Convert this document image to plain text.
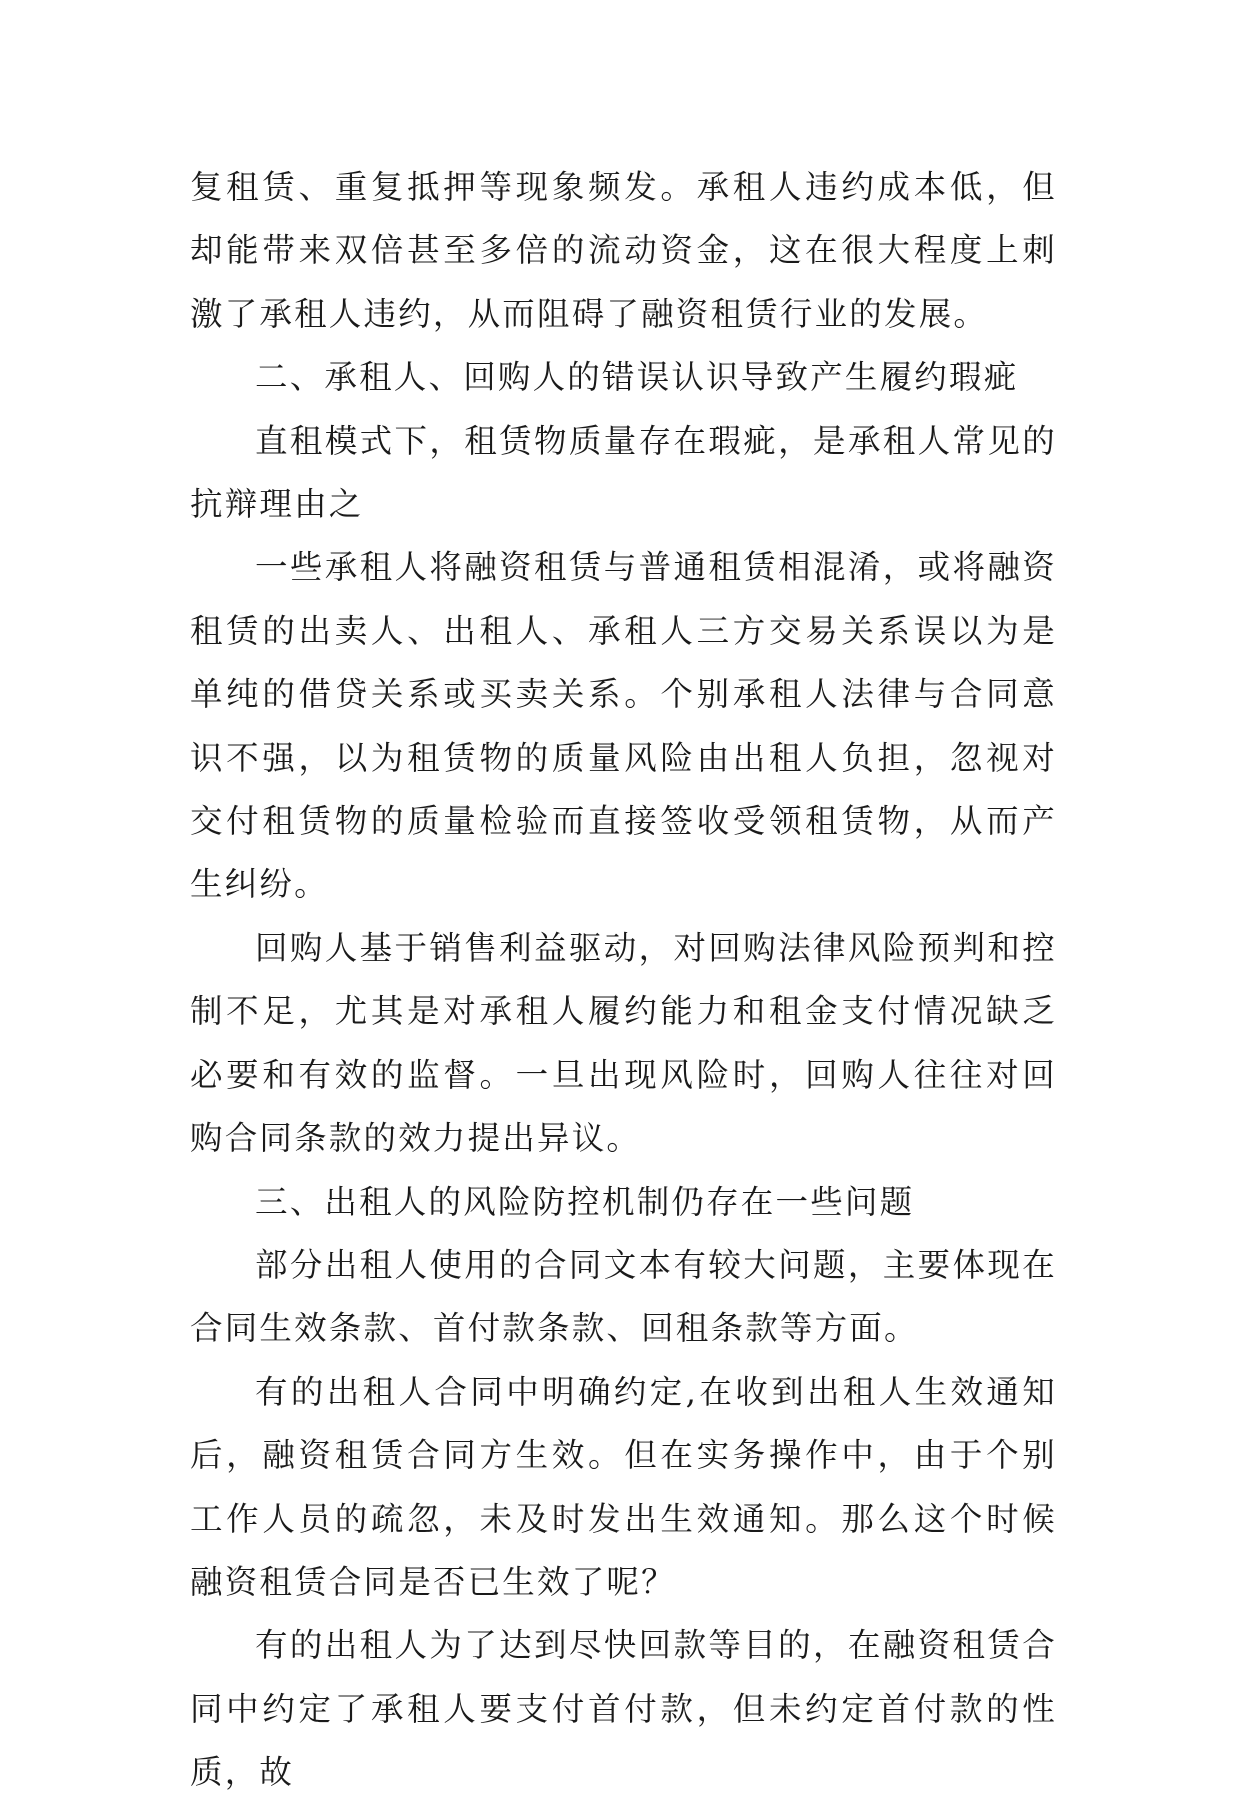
复租赁、重复抵押等现象频发。承租人违约成本低，但却能带来双倍甚至多倍的流动资金，这在很大程度上刺激了承租人违约，从而阻碍了融资租赁行业的发展。

二、承租人、回购人的错误认识导致产生履约瑕疵

直租模式下，租赁物质量存在瑕疵，是承租人常见的抗辩理由之

一些承租人将融资租赁与普通租赁相混淆，或将融资租赁的出卖人、出租人、承租人三方交易关系误以为是单纯的借贷关系或买卖关系。个别承租人法律与合同意识不强，以为租赁物的质量风险由出租人负担，忽视对交付租赁物的质量检验而直接签收受领租赁物，从而产生纠纷。

回购人基于销售利益驱动，对回购法律风险预判和控制不足，尤其是对承租人履约能力和租金支付情况缺乏必要和有效的监督。一旦出现风险时，回购人往往对回购合同条款的效力提出异议。

三、出租人的风险防控机制仍存在一些问题

部分出租人使用的合同文本有较大问题，主要体现在合同生效条款、首付款条款、回租条款等方面。

有的出租人合同中明确约定,在收到出租人生效通知后，融资租赁合同方生效。但在实务操作中，由于个别工作人员的疏忽，未及时发出生效通知。那么这个时候融资租赁合同是否已生效了呢？

有的出租人为了达到尽快回款等目的，在融资租赁合同中约定了承租人要支付首付款，但未约定首付款的性质，故
